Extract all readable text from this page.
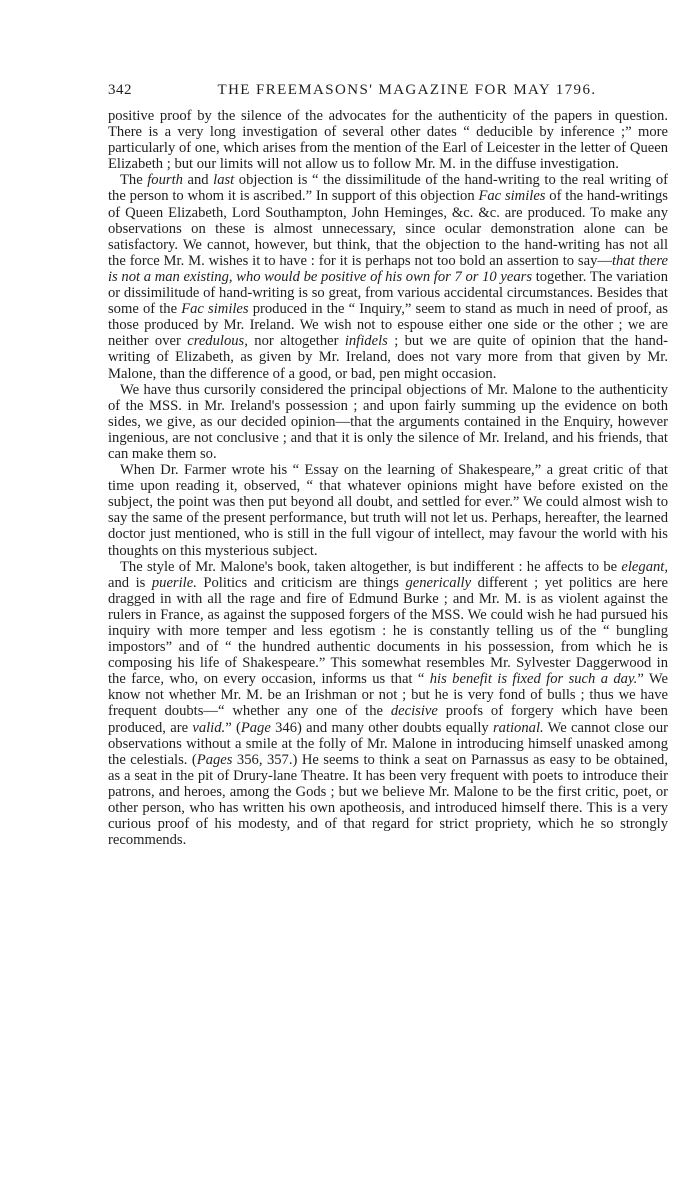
342	THE FREEMASONS' MAGAZINE FOR MAY 1796.

positive proof by the silence of the advocates for the authenticity of the papers in question. There is a very long investigation of several other dates “ deducible by inference ;” more particularly of one, which arises from the mention of the Earl of Leicester in the letter of Queen Elizabeth ; but our limits will not allow us to follow Mr. M. in the diffuse investigation.

The fourth and last objection is “ the dissimilitude of the hand-writing to the real writing of the person to whom it is ascribed.” In support of this objection Fac similes of the hand-writings of Queen Elizabeth, Lord Southampton, John Heminges, &c. &c. are produced. To make any observations on these is almost unnecessary, since ocular demonstration alone can be satisfactory. We cannot, however, but think, that the objection to the hand-writing has not all the force Mr. M. wishes it to have : for it is perhaps not too bold an assertion to say—that there is not a man existing, who would be positive of his own for 7 or 10 years together. The variation or dissimilitude of hand-writing is so great, from various accidental circumstances. Besides that some of the Fac similes produced in the “ Inquiry,” seem to stand as much in need of proof, as those produced by Mr. Ireland. We wish not to espouse either one side or the other ; we are neither over credulous, nor altogether infidels ; but we are quite of opinion that the hand-writing of Elizabeth, as given by Mr. Ireland, does not vary more from that given by Mr. Malone, than the difference of a good, or bad, pen might occasion.

We have thus cursorily considered the principal objections of Mr. Malone to the authenticity of the MSS. in Mr. Ireland's possession ; and upon fairly summing up the evidence on both sides, we give, as our decided opinion—that the arguments contained in the Enquiry, however ingenious, are not conclusive ; and that it is only the silence of Mr. Ireland, and his friends, that can make them so.

When Dr. Farmer wrote his “ Essay on the learning of Shakespeare,” a great critic of that time upon reading it, observed, “ that whatever opinions might have before existed on the subject, the point was then put beyond all doubt, and settled for ever.” We could almost wish to say the same of the present performance, but truth will not let us. Perhaps, hereafter, the learned doctor just mentioned, who is still in the full vigour of intellect, may favour the world with his thoughts on this mysterious subject.

The style of Mr. Malone's book, taken altogether, is but indifferent : he affects to be elegant, and is puerile. Politics and criticism are things generically different ; yet politics are here dragged in with all the rage and fire of Edmund Burke ; and Mr. M. is as violent against the rulers in France, as against the supposed forgers of the MSS. We could wish he had pursued his inquiry with more temper and less egotism : he is constantly telling us of the “ bungling impostors” and of “ the hundred authentic documents in his possession, from which he is composing his life of Shakespeare.” This somewhat resembles Mr. Sylvester Daggerwood in the farce, who, on every occasion, informs us that “ his benefit is fixed for such a day.” We know not whether Mr. M. be an Irishman or not ; but he is very fond of bulls ; thus we have frequent doubts—“ whether any one of the decisive proofs of forgery which have been produced, are valid.” (Page 346) and many other doubts equally rational. We cannot close our observations without a smile at the folly of Mr. Malone in introducing himself unasked among the celestials. (Pages 356, 357.) He seems to think a seat on Parnassus as easy to be obtained, as a seat in the pit of Drury-lane Theatre. It has been very frequent with poets to introduce their patrons, and heroes, among the Gods ; but we believe Mr. Malone to be the first critic, poet, or other person, who has written his own apotheosis, and introduced himself there. This is a very curious proof of his modesty, and of that regard for strict propriety, which he so strongly recommends.
